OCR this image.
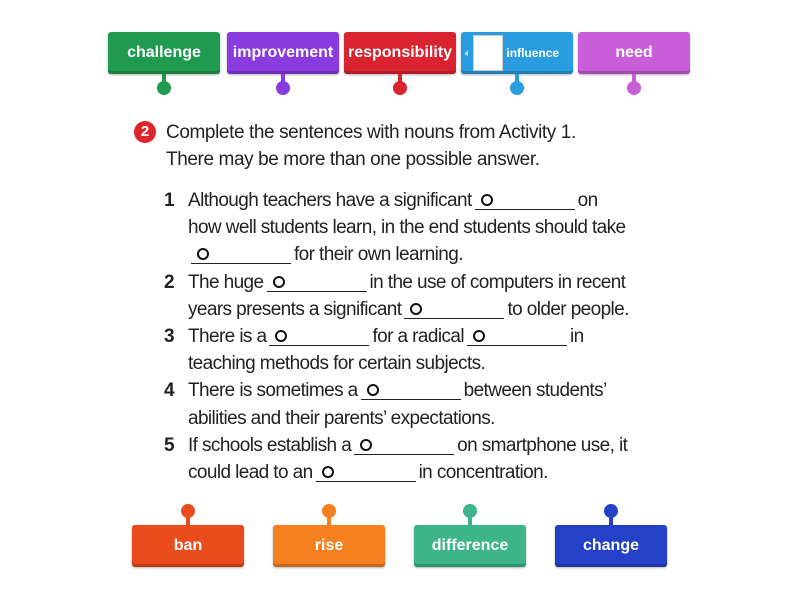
challenge improvement responsibility 🔈︎	influence	need
2 Complete the sentences with nouns from Activity 1.
There may be more than one possible answer.
1 Although teachers have a significant	on
how well students learn, in the end students should take
for their own learning.
2 The huge	in the use of computers in recent
years presents a significant	to older people.
3 There is a	for a radical	in
teaching methods for certain subjects.
4 There is sometimes a	between students’
abilities and their parents’ expectations.
5 If schools establish a	on smartphone use, it
could lead to an	in concentration.
ban	rise	difference	change
